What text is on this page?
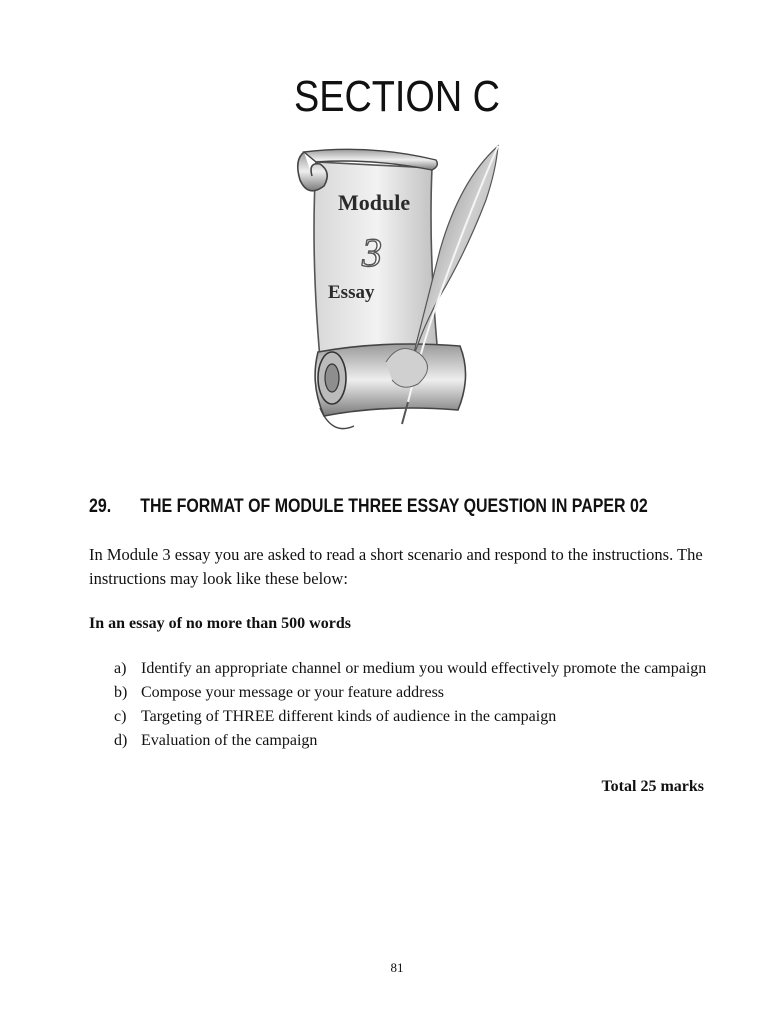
SECTION C
Module
3
Essay
29. THE FORMAT OF MODULE THREE ESSAY QUESTION IN PAPER 02

In Module 3 essay you are asked to read a short scenario and respond to the instructions. The instructions may look like these below:

In an essay of no more than 500 words

a) Identify an appropriate channel or medium you would effectively promote the campaign
b) Compose your message or your feature address
c) Targeting of THREE different kinds of audience in the campaign
d) Evaluation of the campaign

Total 25 marks

81
